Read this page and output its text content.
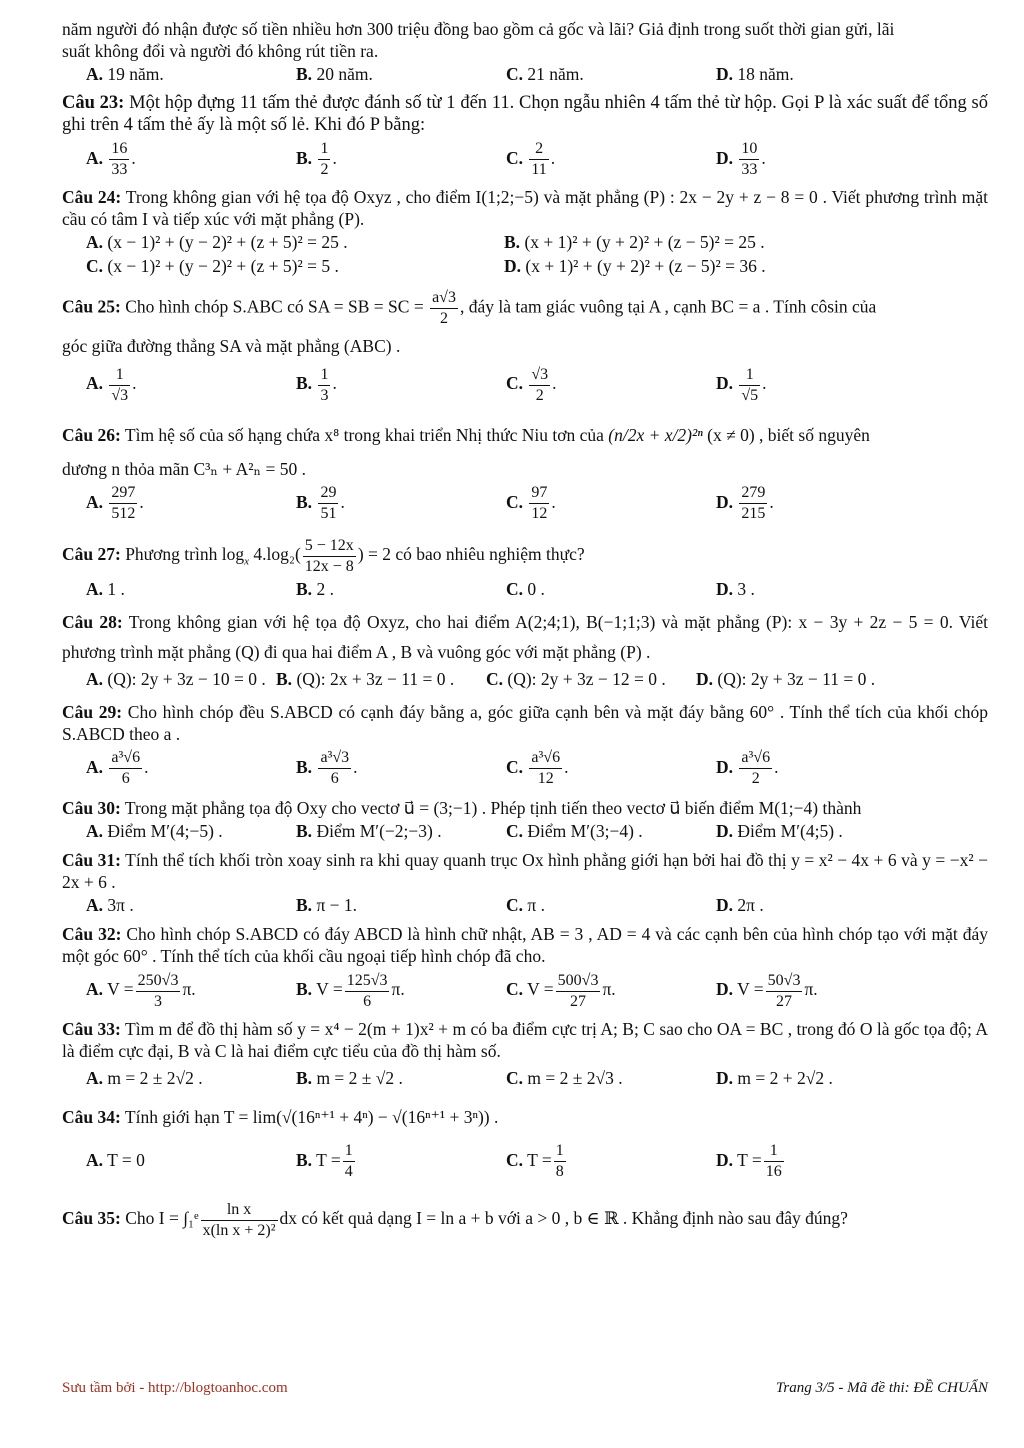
năm người đó nhận được số tiền nhiều hơn 300 triệu đồng bao gồm cả gốc và lãi? Giả định trong suốt thời gian gửi, lãi

suất không đổi và người đó không rút tiền ra.

A. 19 năm.	B. 20 năm.	C. 21 năm.	D. 18 năm.

Câu 23: Một hộp đựng 11 tấm thẻ được đánh số từ 1 đến 11. Chọn ngẫu nhiên 4 tấm thẻ từ hộp. Gọi P là xác suất để tổng số ghi trên 4 tấm thẻ ấy là một số lẻ. Khi đó P bằng:

A. $\frac{16}{33}$ .	B. $\frac{1}{2}$ .	C. $\frac{2}{11}$ .	D. $\frac{10}{33}$ .

Câu 24: Trong không gian với hệ tọa độ Oxyz , cho điểm I(1;2;−5) và mặt phẳng (P) : 2x − 2y + z − 8 = 0 . Viết phương trình mặt cầu có tâm I và tiếp xúc với mặt phẳng (P).

A. (x − 1)² + (y − 2)² + (z + 5)² = 25 .	B. (x + 1)² + (y + 2)² + (z − 5)² = 25 .
C. (x − 1)² + (y − 2)² + (z + 5)² = 5 .	D. (x + 1)² + (y + 2)² + (z − 5)² = 36 .

Câu 25: Cho hình chóp S.ABC có SA = SB = SC = $\frac{a√3}{2}$ , đáy là tam giác vuông tại A , cạnh BC = a . Tính côsin của

góc giữa đường thẳng SA và mặt phẳng (ABC) .

A. $\frac{1}{√3}$ .	B. $\frac{1}{3}$ .	C. $\frac{√3}{2}$ .	D. $\frac{1}{√5}$ .

Câu 26: Tìm hệ số của số hạng chứa x⁸ trong khai triển Nhị thức Niu tơn của (n/2x + x/2)²ⁿ (x ≠ 0) , biết số nguyên

dương n thỏa mãn C³ₙ + A²ₙ = 50 .

A. $\frac{297}{512}$ .	B. $\frac{29}{51}$ .	C. $\frac{97}{12}$ .	D. $\frac{279}{215}$ .

Câu 27: Phương trình $\log_x 4.\log_2( \frac{5 - 12x}{12x - 8}$ ) = 2 có bao nhiêu nghiệm thực?

A. 1 .	B. 2 .	C. 0 .	D. 3 .

Câu 28: Trong không gian với hệ tọa độ Oxyz, cho hai điểm A(2;4;1), B(−1;1;3) và mặt phẳng (P): x − 3y + 2z − 5 = 0. Viết phương trình mặt phẳng (Q) đi qua hai điểm A , B và vuông góc với mặt phẳng (P) .

A. (Q): 2y + 3z − 10 = 0 . B. (Q): 2x + 3z − 11 = 0 .	C. (Q): 2y + 3z − 12 = 0 .	D. (Q): 2y + 3z − 11 = 0 .

Câu 29: Cho hình chóp đều S.ABCD có cạnh đáy bằng a, góc giữa cạnh bên và mặt đáy bằng 60° . Tính thể tích của khối chóp S.ABCD theo a .

A. $\frac{\text{a³√6}}{6}$ .	B. $\frac{\text{a³√3}}{6}$ .	C. $\frac{\text{a³√6}}{12}$ .	D. $\frac{\text{a³√6}}{2}$ .

Câu 30: Trong mặt phẳng tọa độ Oxy cho vectơ u⃗ = (3;−1) . Phép tịnh tiến theo vectơ u⃗ biến điểm M(1;−4) thành

A. Điểm M′(4;−5) .	B. Điểm M′(−2;−3) .	C. Điểm M′(3;−4) .	D. Điểm M′(4;5) .

Câu 31: Tính thể tích khối tròn xoay sinh ra khi quay quanh trục Ox hình phẳng giới hạn bởi hai đồ thị y = x² − 4x + 6 và y = −x² − 2x + 6 .

A. 3π .	B. π − 1.	C. π .	D. 2π .

Câu 32: Cho hình chóp S.ABCD có đáy ABCD là hình chữ nhật, AB = 3 , AD = 4 và các cạnh bên của hình chóp tạo với mặt đáy một góc 60° . Tính thể tích của khối cầu ngoại tiếp hình chóp đã cho.

A. $V = \frac{250√3}{3} \pi$.	B. $V = \frac{125√3}{6} \pi$.	C. $V = \frac{500√3}{27} \pi$.	D. $V = \frac{50√3}{27} \pi$.

Câu 33: Tìm m để đồ thị hàm số y = x⁴ − 2(m + 1)x² + m có ba điểm cực trị A; B; C sao cho OA = BC , trong đó O là gốc tọa độ; A là điểm cực đại, B và C là hai điểm cực tiểu của đồ thị hàm số.

A. m = 2 ± 2√2 .	B. m = 2 ± √2 .	C. m = 2 ± 2√3 .	D. m = 2 + 2√2 .

Câu 34: Tính giới hạn T = lim(√(16ⁿ⁺¹ + 4ⁿ) − √(16ⁿ⁺¹ + 3ⁿ)) .

A. T = 0	B. $T = \frac{1}{4}$	C. $T = \frac{1}{8}$	D. $T = \frac{1}{16}$

Câu 35: Cho I = ∫₁ᵉ $\frac{\text{ln x}}{\text{x(ln x + 2)²}}$ dx có kết quả dạng I = ln a + b với a > 0 , b ∈ ℝ . Khẳng định nào sau đây đúng?

Sưu tầm bởi - http://blogtoanhoc.com	Trang 3/5 - Mã đề thi: ĐỀ CHUẨN
